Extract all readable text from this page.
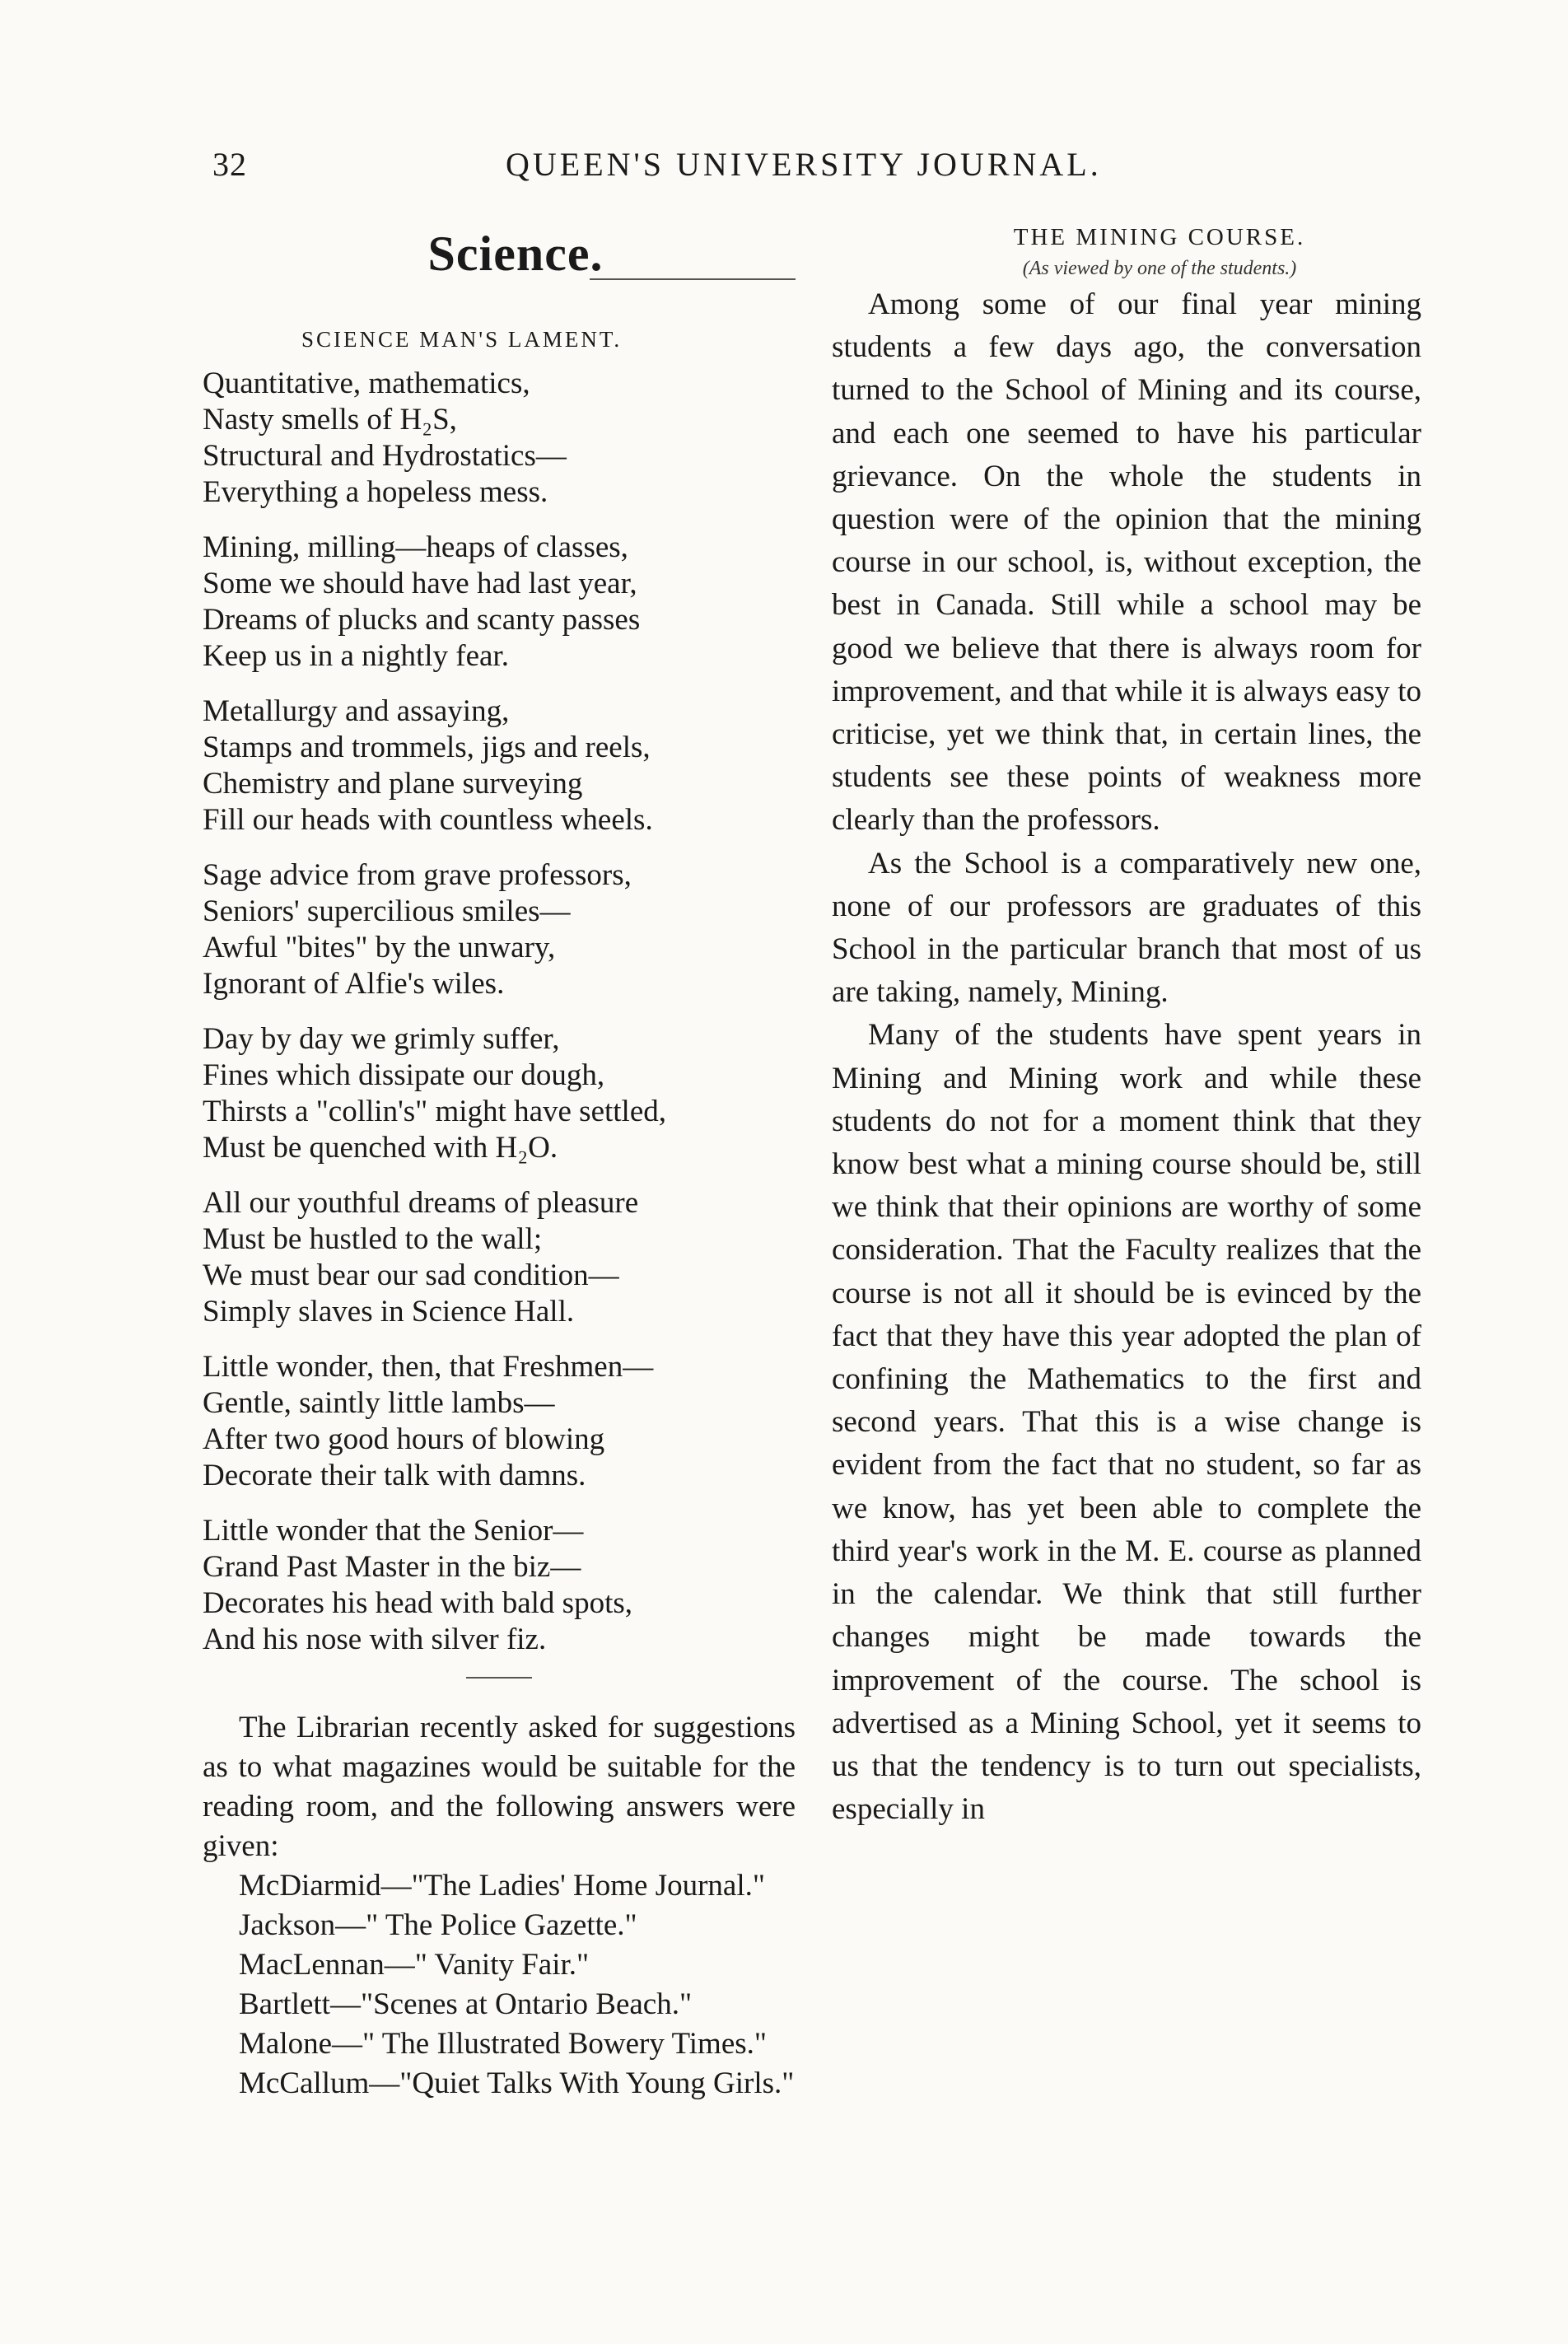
32	QUEEN'S UNIVERSITY JOURNAL.
Science.
SCIENCE MAN'S LAMENT.
Quantitative, mathematics,
Nasty smells of H₂S,
Structural and Hydrostatics—
Everything a hopeless mess.
Mining, milling—heaps of classes,
Some we should have had last year,
Dreams of plucks and scanty passes
Keep us in a nightly fear.
Metallurgy and assaying,
Stamps and trommels, jigs and reels,
Chemistry and plane surveying
Fill our heads with countless wheels.
Sage advice from grave professors,
Seniors' supercilious smiles—
Awful "bites" by the unwary,
Ignorant of Alfie's wiles.
Day by day we grimly suffer,
Fines which dissipate our dough,
Thirsts a "collin's" might have settled,
Must be quenched with H₂O.
All our youthful dreams of pleasure
Must be hustled to the wall;
We must bear our sad condition—
Simply slaves in Science Hall.
Little wonder, then, that Freshmen—
Gentle, saintly little lambs—
After two good hours of blowing
Decorate their talk with damns.
Little wonder that the Senior—
Grand Past Master in the biz—
Decorates his head with bald spots,
And his nose with silver fiz.
The Librarian recently asked for suggestions as to what magazines would be suitable for the reading room, and the following answers were given:
McDiarmid—"The Ladies' Home Journal."
Jackson—" The Police Gazette."
MacLennan—" Vanity Fair."
Bartlett—"Scenes at Ontario Beach."
Malone—" The Illustrated Bowery Times."
McCallum—"Quiet Talks With Young Girls."
THE MINING COURSE.
(As viewed by one of the students.)

Among some of our final year mining students a few days ago, the conversation turned to the School of Mining and its course, and each one seemed to have his particular grievance. On the whole the students in question were of the opinion that the mining course in our school, is, without exception, the best in Canada. Still while a school may be good we believe that there is always room for improvement, and that while it is always easy to criticise, yet we think that, in certain lines, the students see these points of weakness more clearly than the professors.

As the School is a comparatively new one, none of our professors are graduates of this School in the particular branch that most of us are taking, namely, Mining.

Many of the students have spent years in Mining and Mining work and while these students do not for a moment think that they know best what a mining course should be, still we think that their opinions are worthy of some consideration. That the Faculty realizes that the course is not all it should be is evinced by the fact that they have this year adopted the plan of confining the Mathematics to the first and second years. That this is a wise change is evident from the fact that no student, so far as we know, has yet been able to complete the third year's work in the M. E. course as planned in the calendar. We think that still further changes might be made towards the improvement of the course. The school is advertised as a Mining School, yet it seems to us that the tendency is to turn out specialists, especially in
